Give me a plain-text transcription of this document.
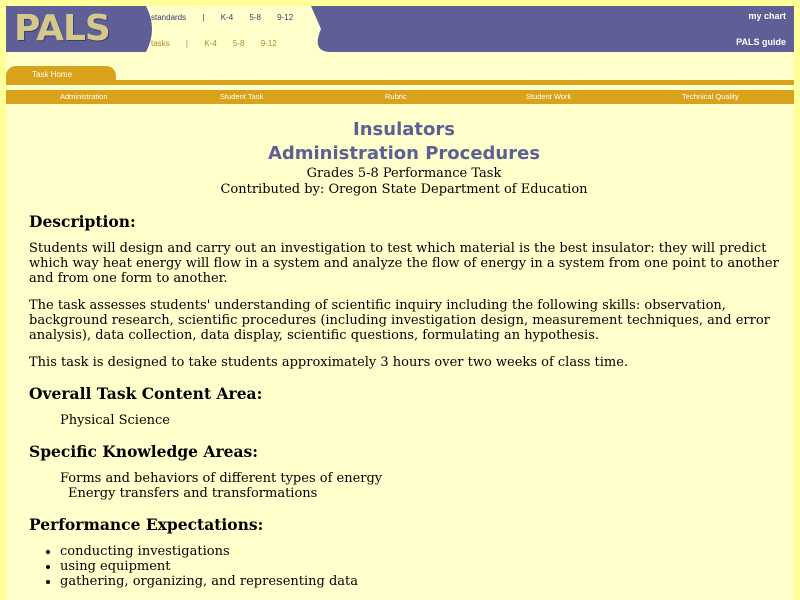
PALS	standards | K-4 5-8 9-12
tasks | K-4 5-8 9-12
my chart
PALS guide
Task Home
Administration	Student Task	Rubric	Student Work	Technical Quality
Insulators
Administration Procedures
Grades 5-8 Performance Task
Contributed by: Oregon State Department of Education
Description:

Students will design and carry out an investigation to test which material is the best insulator: they will predict which way heat energy will flow in a system and analyze the flow of energy in a system from one point to another and from one form to another.

The task assesses students' understanding of scientific inquiry including the following skills: observation, background research, scientific procedures (including investigation design, measurement techniques, and error analysis), data collection, data display, scientific questions, formulating an hypothesis.

This task is designed to take students approximately 3 hours over two weeks of class time.

Overall Task Content Area:
Physical Science
Specific Knowledge Areas:
Forms and behaviors of different types of energy
Energy transfers and transformations
Performance Expectations:
• conducting investigations
• using equipment
• gathering, organizing, and representing data
